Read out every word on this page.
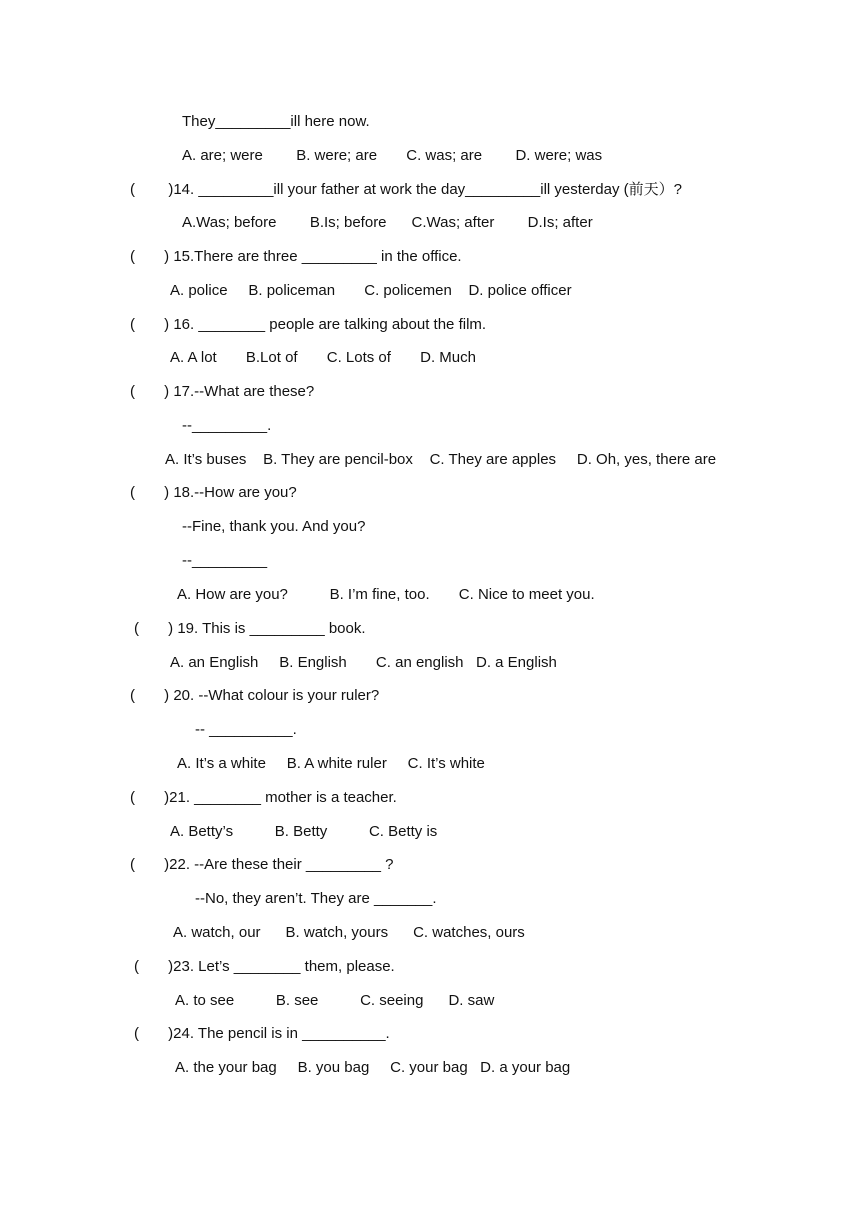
They_________ill here now.
A. are; were        B. were; are       C. was; are        D. were; was
(        )14. _________ill your father at work the day_________ill yesterday (前天）?
A.Was; before        B.Is; before      C.Was; after        D.Is; after
(       ) 15.There are three _________ in the office.
A. police     B. policeman       C. policemen    D. police officer
(       ) 16. ________ people are talking about the film.
A. A lot       B.Lot of       C. Lots of       D. Much
(       ) 17.--What are these?
--_________.
A. It’s buses    B. They are pencil-box    C. They are apples     D. Oh, yes, there are
(       ) 18.--How are you?
--Fine, thank you. And you?
--_________
A. How are you?          B. I’m fine, too.       C. Nice to meet you.
(       ) 19. This is _________ book.
A. an English     B. English       C. an english   D. a English
(       ) 20. --What colour is your ruler?
-- __________.
A. It’s a white     B. A white ruler     C. It’s white
(       )21. ________ mother is a teacher.
A. Betty’s          B. Betty          C. Betty is
(       )22. --Are these their _________ ?
--No, they aren’t. They are _______.
A. watch, our      B. watch, yours      C. watches, ours
(       )23. Let’s ________ them, please.
A. to see          B. see          C. seeing      D. saw
(       )24. The pencil is in __________.
A. the your bag     B. you bag     C. your bag   D. a your bag
